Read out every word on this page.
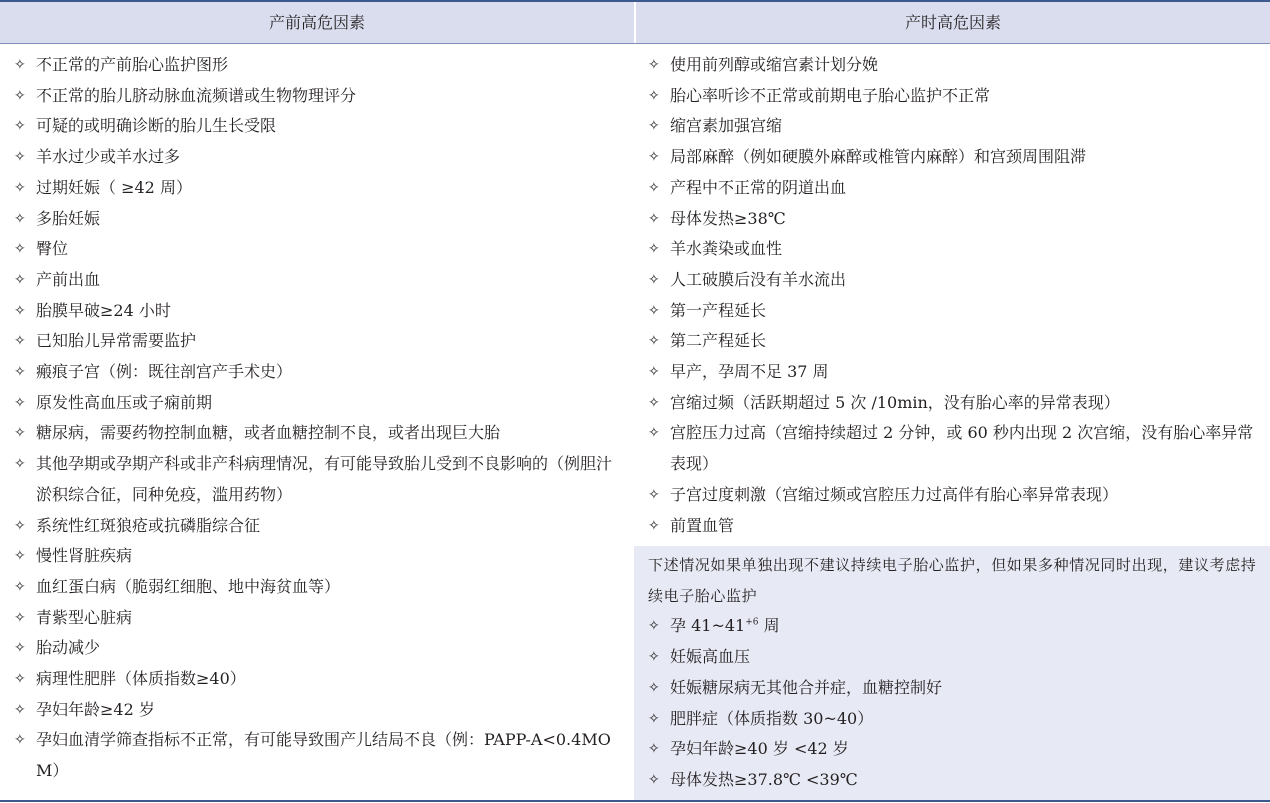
产前高危因素	产时高危因素
✧ 不正常的产前胎心监护图形
✧ 不正常的胎儿脐动脉血流频谱或生物物理评分
✧ 可疑的或明确诊断的胎儿生长受限
✧ 羊水过少或羊水过多
✧ 过期妊娠（ ≥42 周）
✧ 多胎妊娠
✧ 臀位
✧ 产前出血
✧ 胎膜早破≥24 小时
✧ 已知胎儿异常需要监护
✧ 瘢痕子宫（例：既往剖宫产手术史）
✧ 原发性高血压或子痫前期
✧ 糖尿病，需要药物控制血糖，或者血糖控制不良，或者出现巨大胎
✧ 其他孕期或孕期产科或非产科病理情况，有可能导致胎儿受到不良影响的（例胆汁淤积综合征，同种免疫，滥用药物）
✧ 系统性红斑狼疮或抗磷脂综合征
✧ 慢性肾脏疾病
✧ 血红蛋白病（脆弱红细胞、地中海贫血等）
✧ 青紫型心脏病
✧ 胎动减少
✧ 病理性肥胖（体质指数≥40）
✧ 孕妇年龄≥42 岁
✧ 孕妇血清学筛查指标不正常，有可能导致围产儿结局不良（例：PAPP-A<0.4MOM）
✧ 使用前列醇或缩宫素计划分娩
✧ 胎心率听诊不正常或前期电子胎心监护不正常
✧ 缩宫素加强宫缩
✧ 局部麻醉（例如硬膜外麻醉或椎管内麻醉）和宫颈周围阻滞
✧ 产程中不正常的阴道出血
✧ 母体发热≥38℃
✧ 羊水粪染或血性
✧ 人工破膜后没有羊水流出
✧ 第一产程延长
✧ 第二产程延长
✧ 早产，孕周不足 37 周
✧ 宫缩过频（活跃期超过 5 次 /10min，没有胎心率的异常表现）
✧ 宫腔压力过高（宫缩持续超过 2 分钟，或 60 秒内出现 2 次宫缩，没有胎心率异常表现）
✧ 子宫过度刺激（宫缩过频或宫腔压力过高伴有胎心率异常表现）
✧ 前置血管
下述情况如果单独出现不建议持续电子胎心监护，但如果多种情况同时出现，建议考虑持续电子胎心监护
✧ 孕 $41\sim 41^{+6}$ 周
✧ 妊娠高血压
✧ 妊娠糖尿病无其他合并症，血糖控制好
✧ 肥胖症（体质指数 30~40）
✧ 孕妇年龄≥40 岁 <42 岁
✧ 母体发热≥37.8℃ <39℃
